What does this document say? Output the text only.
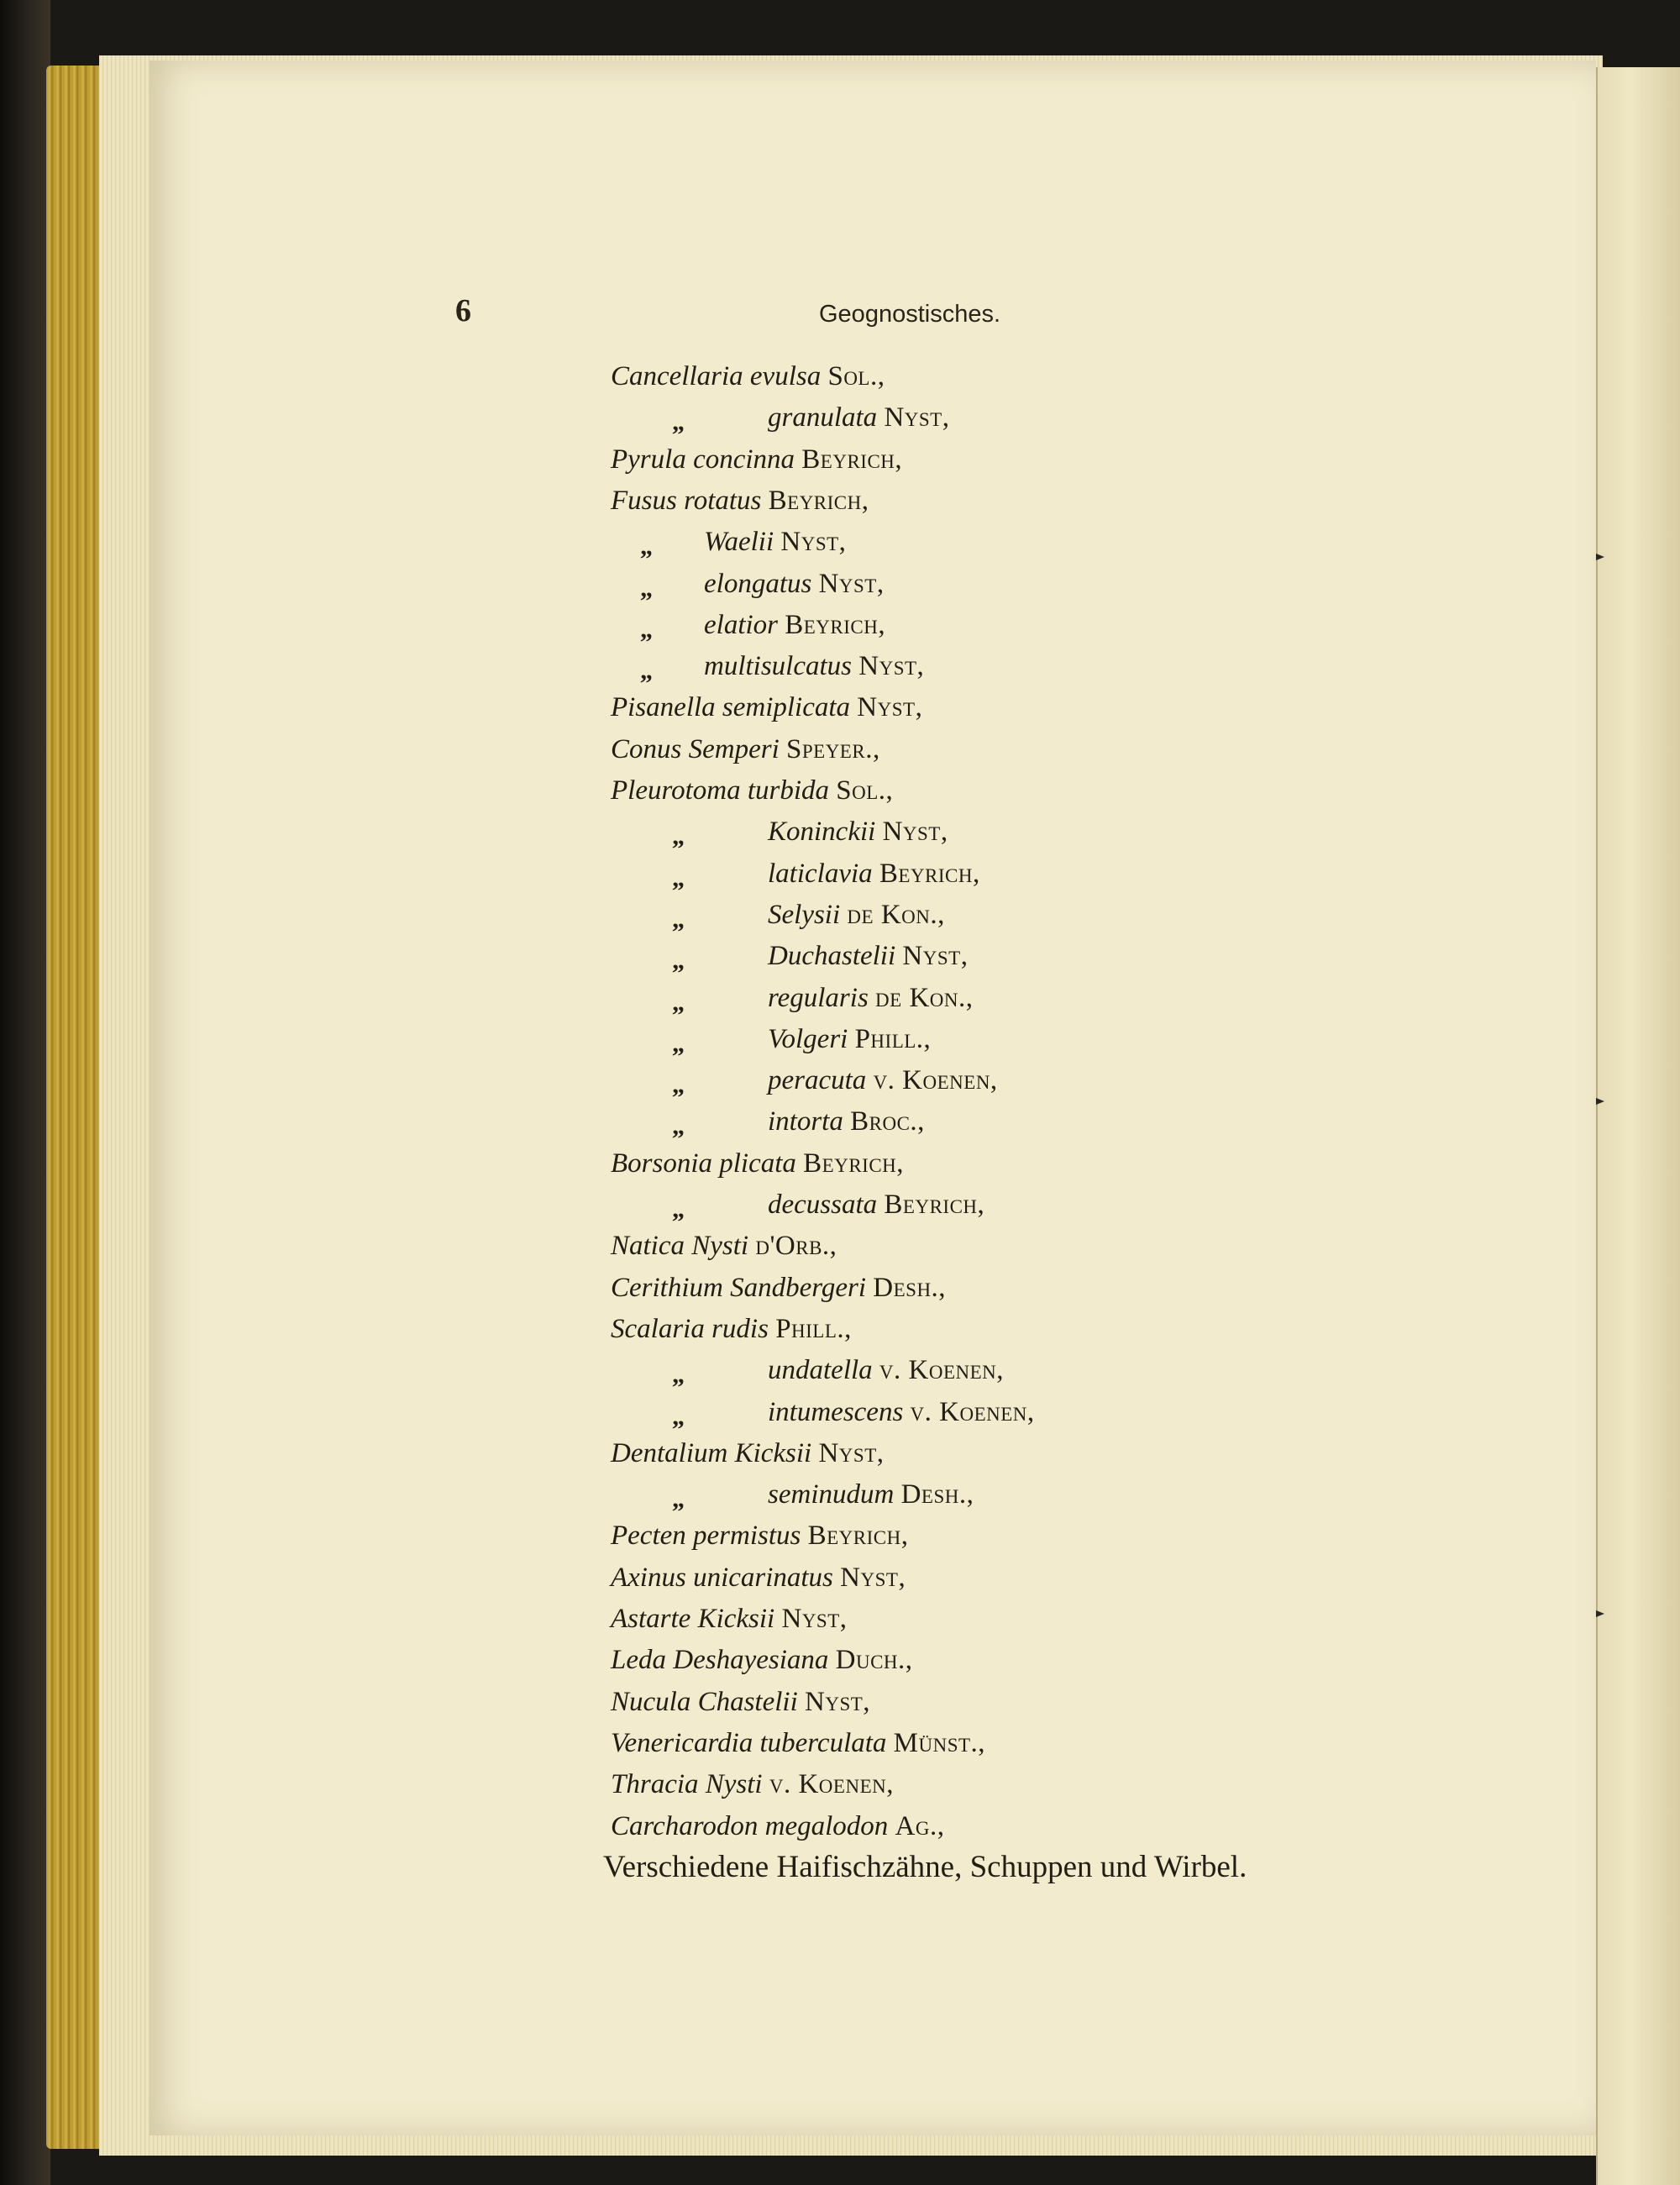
6	Geognostisches.
Cancellaria evulsa Sol.,
„	granulata Nyst,
Pyrula concinna Beyrich,
Fusus rotatus Beyrich,
„ Waelii Nyst,
„ elongatus Nyst,
„ elatior Beyrich,
„ multisulcatus Nyst,
Pisanella semiplicata Nyst,
Conus Semperi Speyer.,
Pleurotoma turbida Sol.,
„	Koninckii Nyst,
„	laticlavia Beyrich,
„	Selysii de Kon.,
„	Duchastelii Nyst,
„	regularis de Kon.,
„	Volgeri Phill.,
„	peracuta v. Koenen,
„	intorta Broc.,
Borsonia plicata Beyrich,
„	decussata Beyrich,
Natica Nysti d'Orb.,
Cerithium Sandbergeri Desh.,
Scalaria rudis Phill.,
„	undatella v. Koenen,
„	intumescens v. Koenen,
Dentalium Kicksii Nyst,
„	seminudum Desh.,
Pecten permistus Beyrich,
Axinus unicarinatus Nyst,
Astarte Kicksii Nyst,
Leda Deshayesiana Duch.,
Nucula Chastelii Nyst,
Venericardia tuberculata Münst.,
Thracia Nysti v. Koenen,
Carcharodon megalodon Ag.,
Verschiedene Haifischzähne, Schuppen und Wirbel.
